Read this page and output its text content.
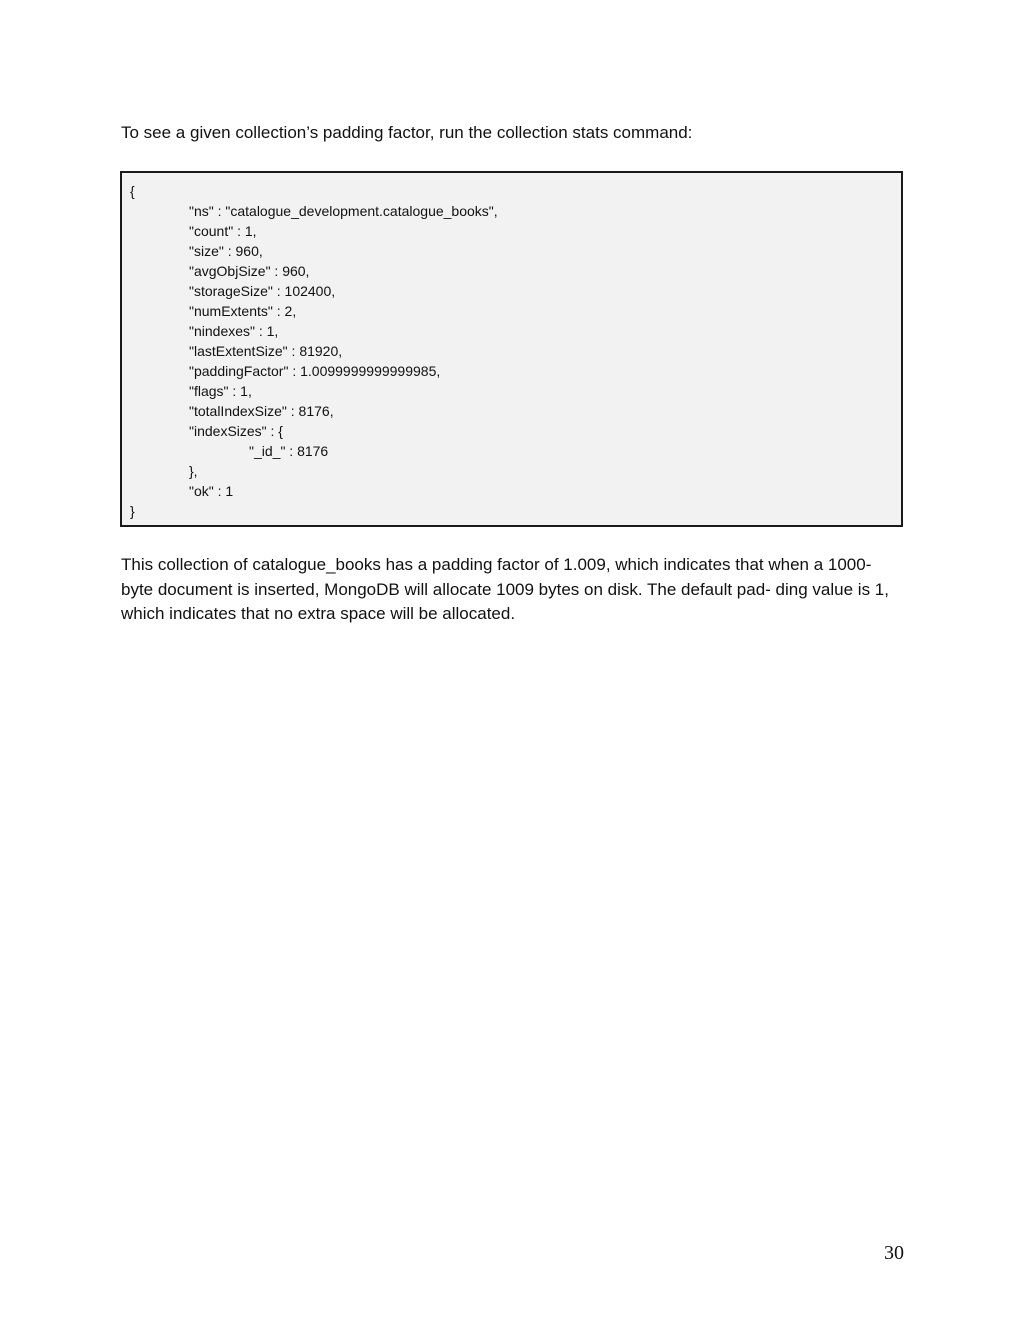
To see a given collection’s padding factor, run the collection stats command:

{
"ns" : "catalogue_development.catalogue_books",
"count" : 1,
"size" : 960,
"avgObjSize" : 960,
"storageSize" : 102400,
"numExtents" : 2,
"nindexes" : 1,
"lastExtentSize" : 81920,
"paddingFactor" : 1.0099999999999985,
"flags" : 1,
"totalIndexSize" : 8176,
"indexSizes" : {
"_id_" : 8176
},
"ok" : 1
}

This collection of catalogue_books has a padding factor of 1.009, which indicates that when a 1000- byte document is inserted, MongoDB will allocate 1009 bytes on disk. The default pad- ding value is 1, which indicates that no extra space will be allocated.

30
